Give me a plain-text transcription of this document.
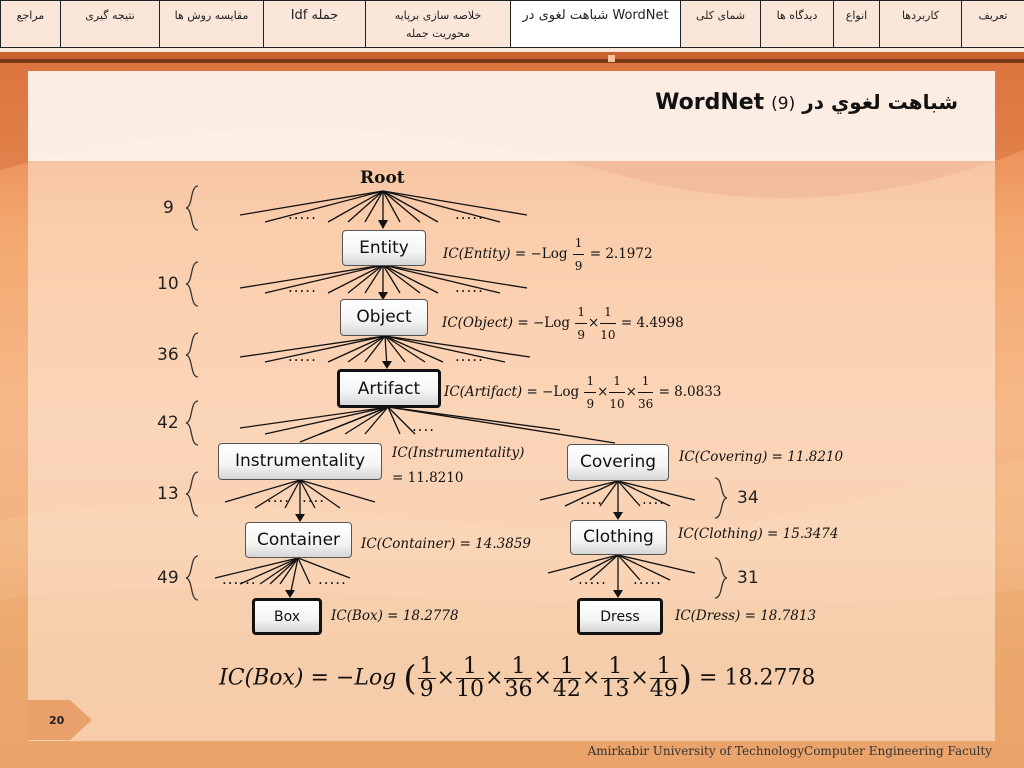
تعریف
کاربردها
انواع
دیدگاه ها
شمای کلی
شباهت لغوی در WordNet
خلاصه سازی برپایه محوریت جمله
Idf جمله
مقایسه روش ها
نتیجه گیری
مراجع
شباهت لغوي در WordNet (9)
Root
9
10
36
42
13
49
34
31
.....	.....
.....	.....
.....	.....
....
.... ....	....	....
......	.....	..... .....
Entity
Object
Artifact
Instrumentality	Covering
Container	Clothing
Box	Dress
IC(Entity) = $-Log \frac{1}{9} = 2.1972$
IC(Object) = $-Log \frac{1}{9} \times \frac{1}{10} = 4.4998$
IC(Artifact) = $-Log \frac{1}{9} \times \frac{1}{10} \times \frac{1}{36} = 8.0833$
IC(Instrumentality)
= 11.8210
IC(Covering) = 11.8210
IC(Container) = 14.3859
IC(Clothing) = 15.3474
IC(Box) = 18.2778	IC(Dress) = 18.7813
IC(Box) = −Log ( $\frac{1}{9} \times \frac{1}{10} \times \frac{1}{36} \times \frac{1}{42} \times \frac{1}{13} \times \frac{1}{49}$ ) = 18.2778
20
Amirkabir University of TechnologyComputer Engineering Faculty
